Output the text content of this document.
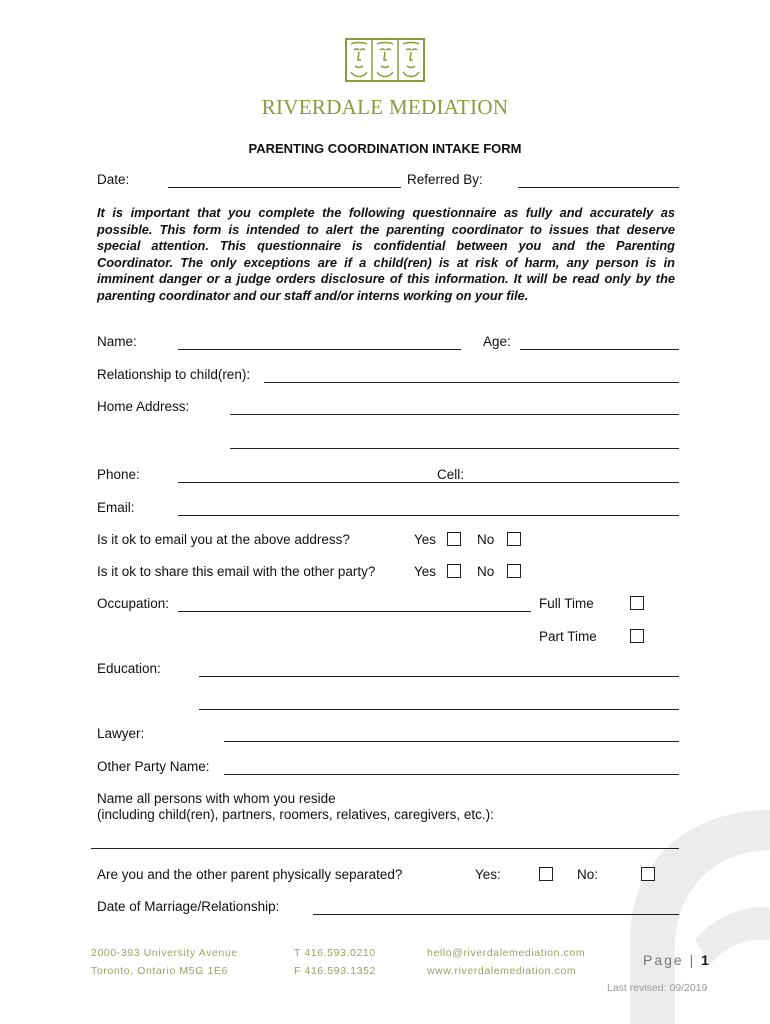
RIVERDALE MEDIATION
PARENTING COORDINATION INTAKE FORM
Date:	Referred By:
It is important that you complete the following questionnaire as fully and accurately as possible. This form is intended to alert the parenting coordinator to issues that deserve special attention. This questionnaire is confidential between you and the Parenting Coordinator. The only exceptions are if a child(ren) is at risk of harm, any person is in imminent danger or a judge orders disclosure of this information. It will be read only by the parenting coordinator and our staff and/or interns working on your file.
Name:	Age:
Relationship to child(ren):
Home Address:
Phone:	Cell:
Email:
Is it ok to email you at the above address?	Yes	No
Is it ok to share this email with the other party?	Yes	No
Occupation:	Full Time
Part Time
Education:
Lawyer:
Other Party Name:
Name all persons with whom you reside
(including child(ren), partners, roomers, relatives, caregivers, etc.):
Are you and the other parent physically separated?	Yes:	No:
Date of Marriage/Relationship:
2000-393 University Avenue
Toronto, Ontario M5G 1E6
T 416.593.0210
F 416.593.1352
hello@riverdalemediation.com
www.riverdalemediation.com
Page | 1
Last revised: 09/2019
